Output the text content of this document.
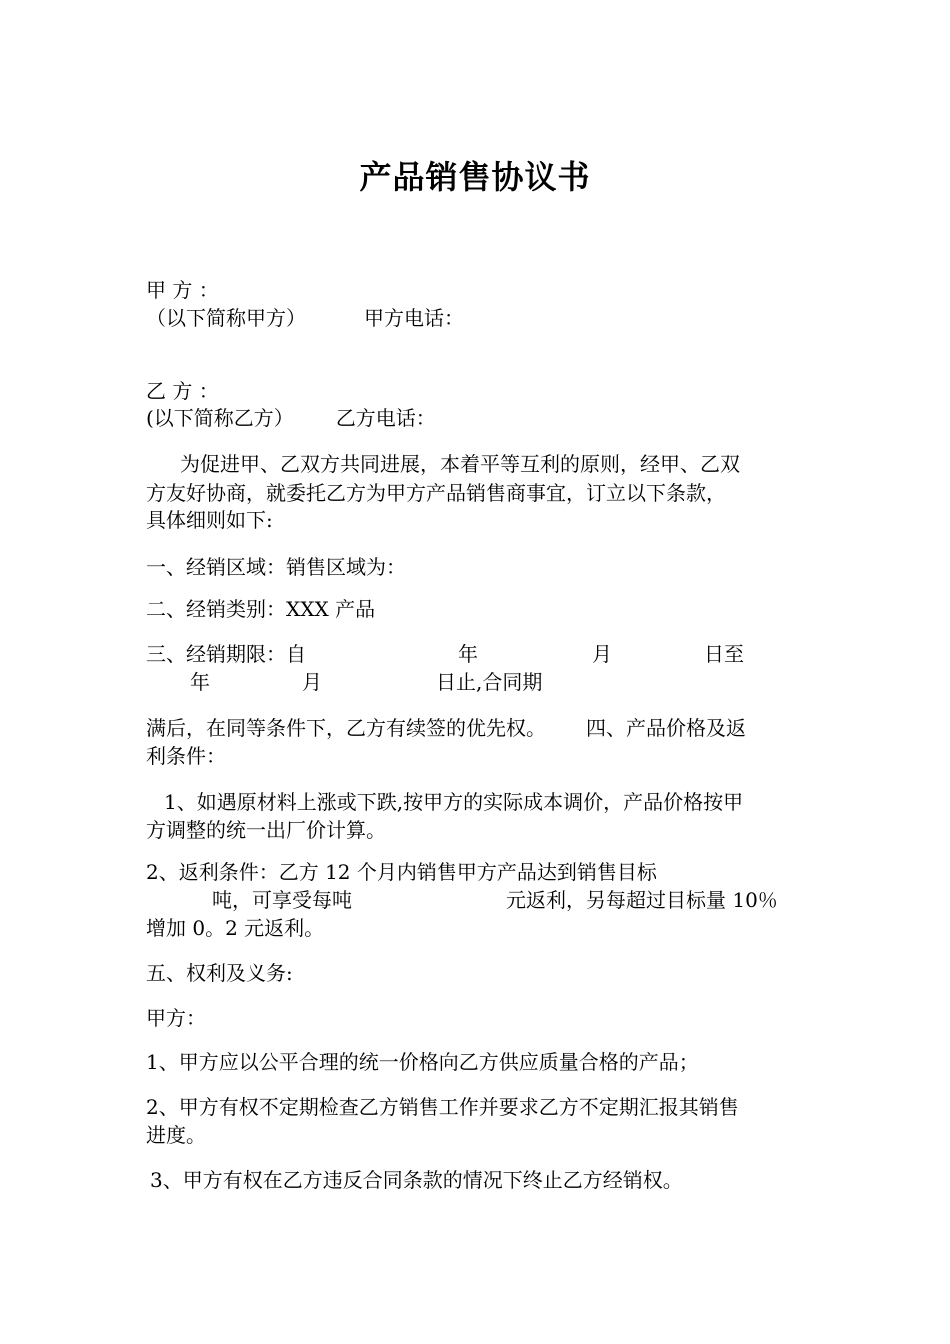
产品销售协议书
甲 方 ：
（以下简称甲方）	甲方电话：
乙 方 ：
(以下简称乙方） 乙方电话：
为促进甲、乙双方共同进展，本着平等互利的原则，经甲、乙双
方友好协商，就委托乙方为甲方产品销售商事宜，订立以下条款，
具体细则如下:
一、经销区域：销售区域为：
二、经销类别：XXX 产品
三、经销期限：自	年	月	日至
年	月	日止,合同期
满后，在同等条件下，乙方有续签的优先权。 四、产品价格及返
利条件：
1、如遇原材料上涨或下跌,按甲方的实际成本调价，产品价格按甲
方调整的统一出厂价计算。
2、返利条件：乙方 12 个月内销售甲方产品达到销售目标
吨，可享受每吨	元返利，另每超过目标量 10％
增加 0。2 元返利。
五、权利及义务:
甲方：
1、甲方应以公平合理的统一价格向乙方供应质量合格的产品；
2、甲方有权不定期检查乙方销售工作并要求乙方不定期汇报其销售
进度。
3、甲方有权在乙方违反合同条款的情况下终止乙方经销权。
